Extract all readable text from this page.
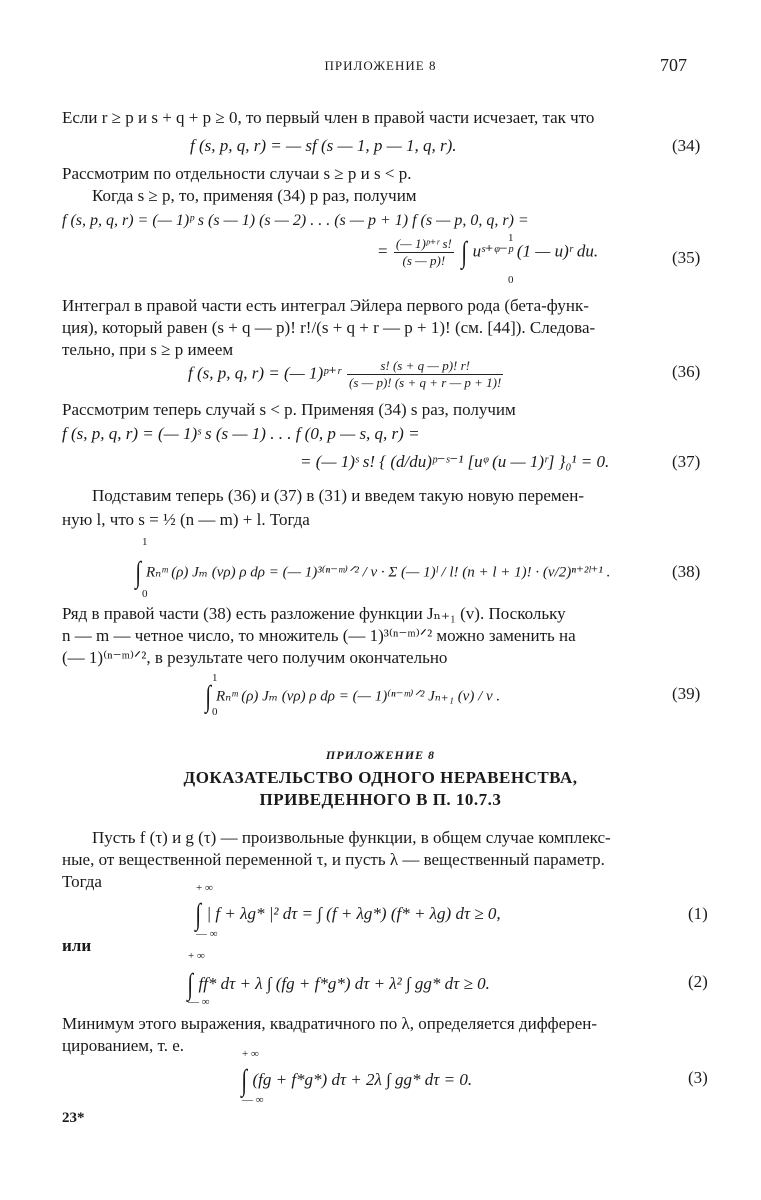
ПРИЛОЖЕНИЕ 8	707
Если r ≥ p и s + q + p ≥ 0, то первый член в правой части исчезает, так что
f (s, p, q, r) = — sf (s — 1, p — 1, q, r).	(34)
Рассмотрим по отдельности случаи s ≥ p и s < p.
Когда s ≥ p, то, применяя (34) p раз, получим
f (s, p, q, r) = (— 1)ᵖ s (s — 1) (s — 2) . . . (s — p + 1) f (s — p, 0, q, r) =
= $\frac{\text{(— 1)ᵖ⁺ʳ s!}}{(s — p)!}$ ∫ uˢ⁺ᵠ⁻ᵖ (1 — u)ʳ du.
1
0
(35)
Интеграл в правой части есть интеграл Эйлера первого рода (бета-функ-
ция), который равен (s + q — p)! r!/(s + q + r — p + 1)! (см. [44]). Следова-
тельно, при s ≥ p имеем
f (s, p, q, r) = (— 1)ᵖ⁺ʳ $\frac{s! (s + q — p)! r!}{(s — p)! (s + q + r — p + 1)!}$	(36)
Рассмотрим теперь случай s < p. Применяя (34) s раз, получим
f (s, p, q, r) = (— 1)ˢ s (s — 1) . . . f (0, p — s, q, r) =
= (— 1)ˢ s! { (d/du)ᵖ⁻ˢ⁻¹ [uᵠ (u — 1)ʳ] }₀¹ = 0.	(37)
Подставим теперь (36) и (37) в (31) и введем такую новую перемен-
ную l, что s = ½ (n — m) + l. Тогда
1
∫ Rₙᵐ (ρ) Jₘ (vρ) ρ dρ = (— 1)³⁽ⁿ⁻ᵐ⁾ᐟ² / v · Σ (— 1)ˡ / l! (n + l + 1)! · (v/2)ⁿ⁺²ˡ⁺¹ .
0
(38)
Ряд в правой части (38) есть разложение функции Jₙ₊₁ (v). Поскольку
n — m — четное число, то множитель (— 1)³⁽ⁿ⁻ᵐ⁾ᐟ² можно заменить на
(— 1)⁽ⁿ⁻ᵐ⁾ᐟ², в результате чего получим окончательно
1
∫ Rₙᵐ (ρ) Jₘ (vρ) ρ dρ = (— 1)⁽ⁿ⁻ᵐ⁾ᐟ² Jₙ₊₁ (v) / v .
0
(39)
ПРИЛОЖЕНИЕ 8
ДОКАЗАТЕЛЬСТВО ОДНОГО НЕРАВЕНСТВА,
ПРИВЕДЕННОГО В П. 10.7.3
Пусть f (τ) и g (τ) — произвольные функции, в общем случае комплекс-
ные, от вещественной переменной τ, и пусть λ — вещественный параметр.
Тогда	+ ∞
∫ | f + λg* |² dτ = ∫ (f + λg*) (f* + λg) dτ ≥ 0,
— ∞
(1)
или
+ ∞
∫ ff* dτ + λ ∫ (fg + f*g*) dτ + λ² ∫ gg* dτ ≥ 0.
— ∞
(2)
Минимум этого выражения, квадратичного по λ, определяется дифферен-
цированием, т. е.	+ ∞
∫ (fg + f*g*) dτ + 2λ ∫ gg* dτ = 0.
— ∞
(3)
23*
